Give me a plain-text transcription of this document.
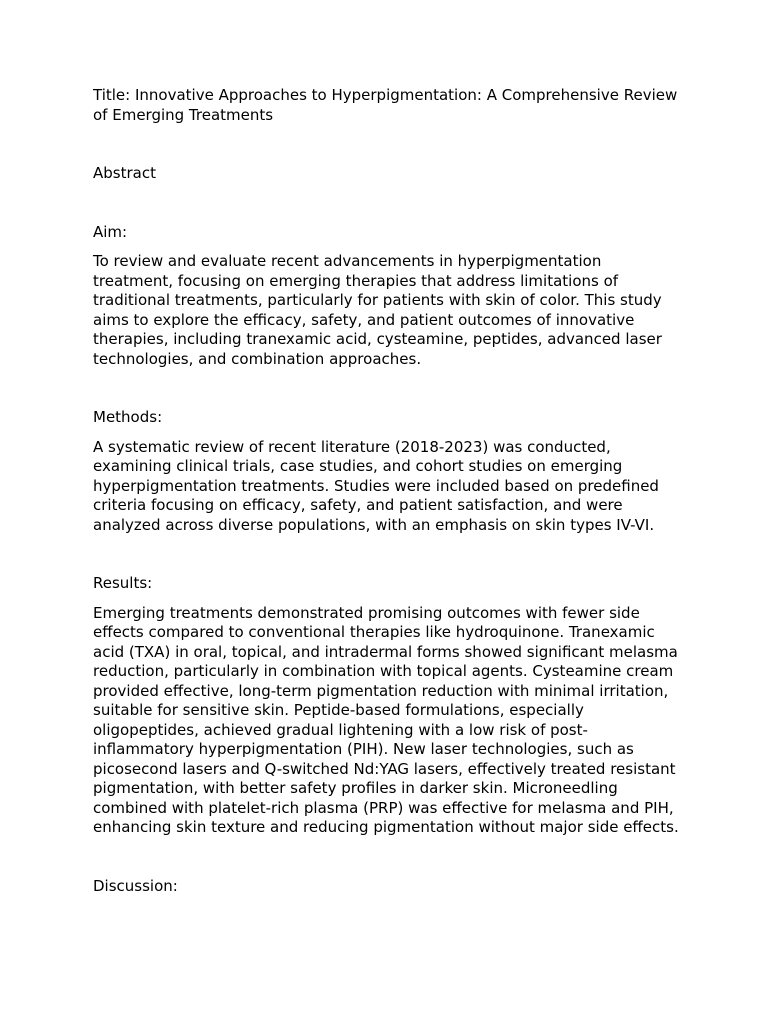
Title: Innovative Approaches to Hyperpigmentation: A Comprehensive Review of Emerging Treatments

Abstract

Aim:

To review and evaluate recent advancements in hyperpigmentation treatment, focusing on emerging therapies that address limitations of traditional treatments, particularly for patients with skin of color. This study aims to explore the efficacy, safety, and patient outcomes of innovative therapies, including tranexamic acid, cysteamine, peptides, advanced laser technologies, and combination approaches.

Methods:

A systematic review of recent literature (2018-2023) was conducted, examining clinical trials, case studies, and cohort studies on emerging hyperpigmentation treatments. Studies were included based on predefined criteria focusing on efficacy, safety, and patient satisfaction, and were analyzed across diverse populations, with an emphasis on skin types IV-VI.

Results:

Emerging treatments demonstrated promising outcomes with fewer side effects compared to conventional therapies like hydroquinone. Tranexamic acid (TXA) in oral, topical, and intradermal forms showed significant melasma reduction, particularly in combination with topical agents. Cysteamine cream provided effective, long-term pigmentation reduction with minimal irritation, suitable for sensitive skin. Peptide-based formulations, especially oligopeptides, achieved gradual lightening with a low risk of post-inflammatory hyperpigmentation (PIH). New laser technologies, such as picosecond lasers and Q-switched Nd:YAG lasers, effectively treated resistant pigmentation, with better safety profiles in darker skin. Microneedling combined with platelet-rich plasma (PRP) was effective for melasma and PIH, enhancing skin texture and reducing pigmentation without major side effects.

Discussion:
